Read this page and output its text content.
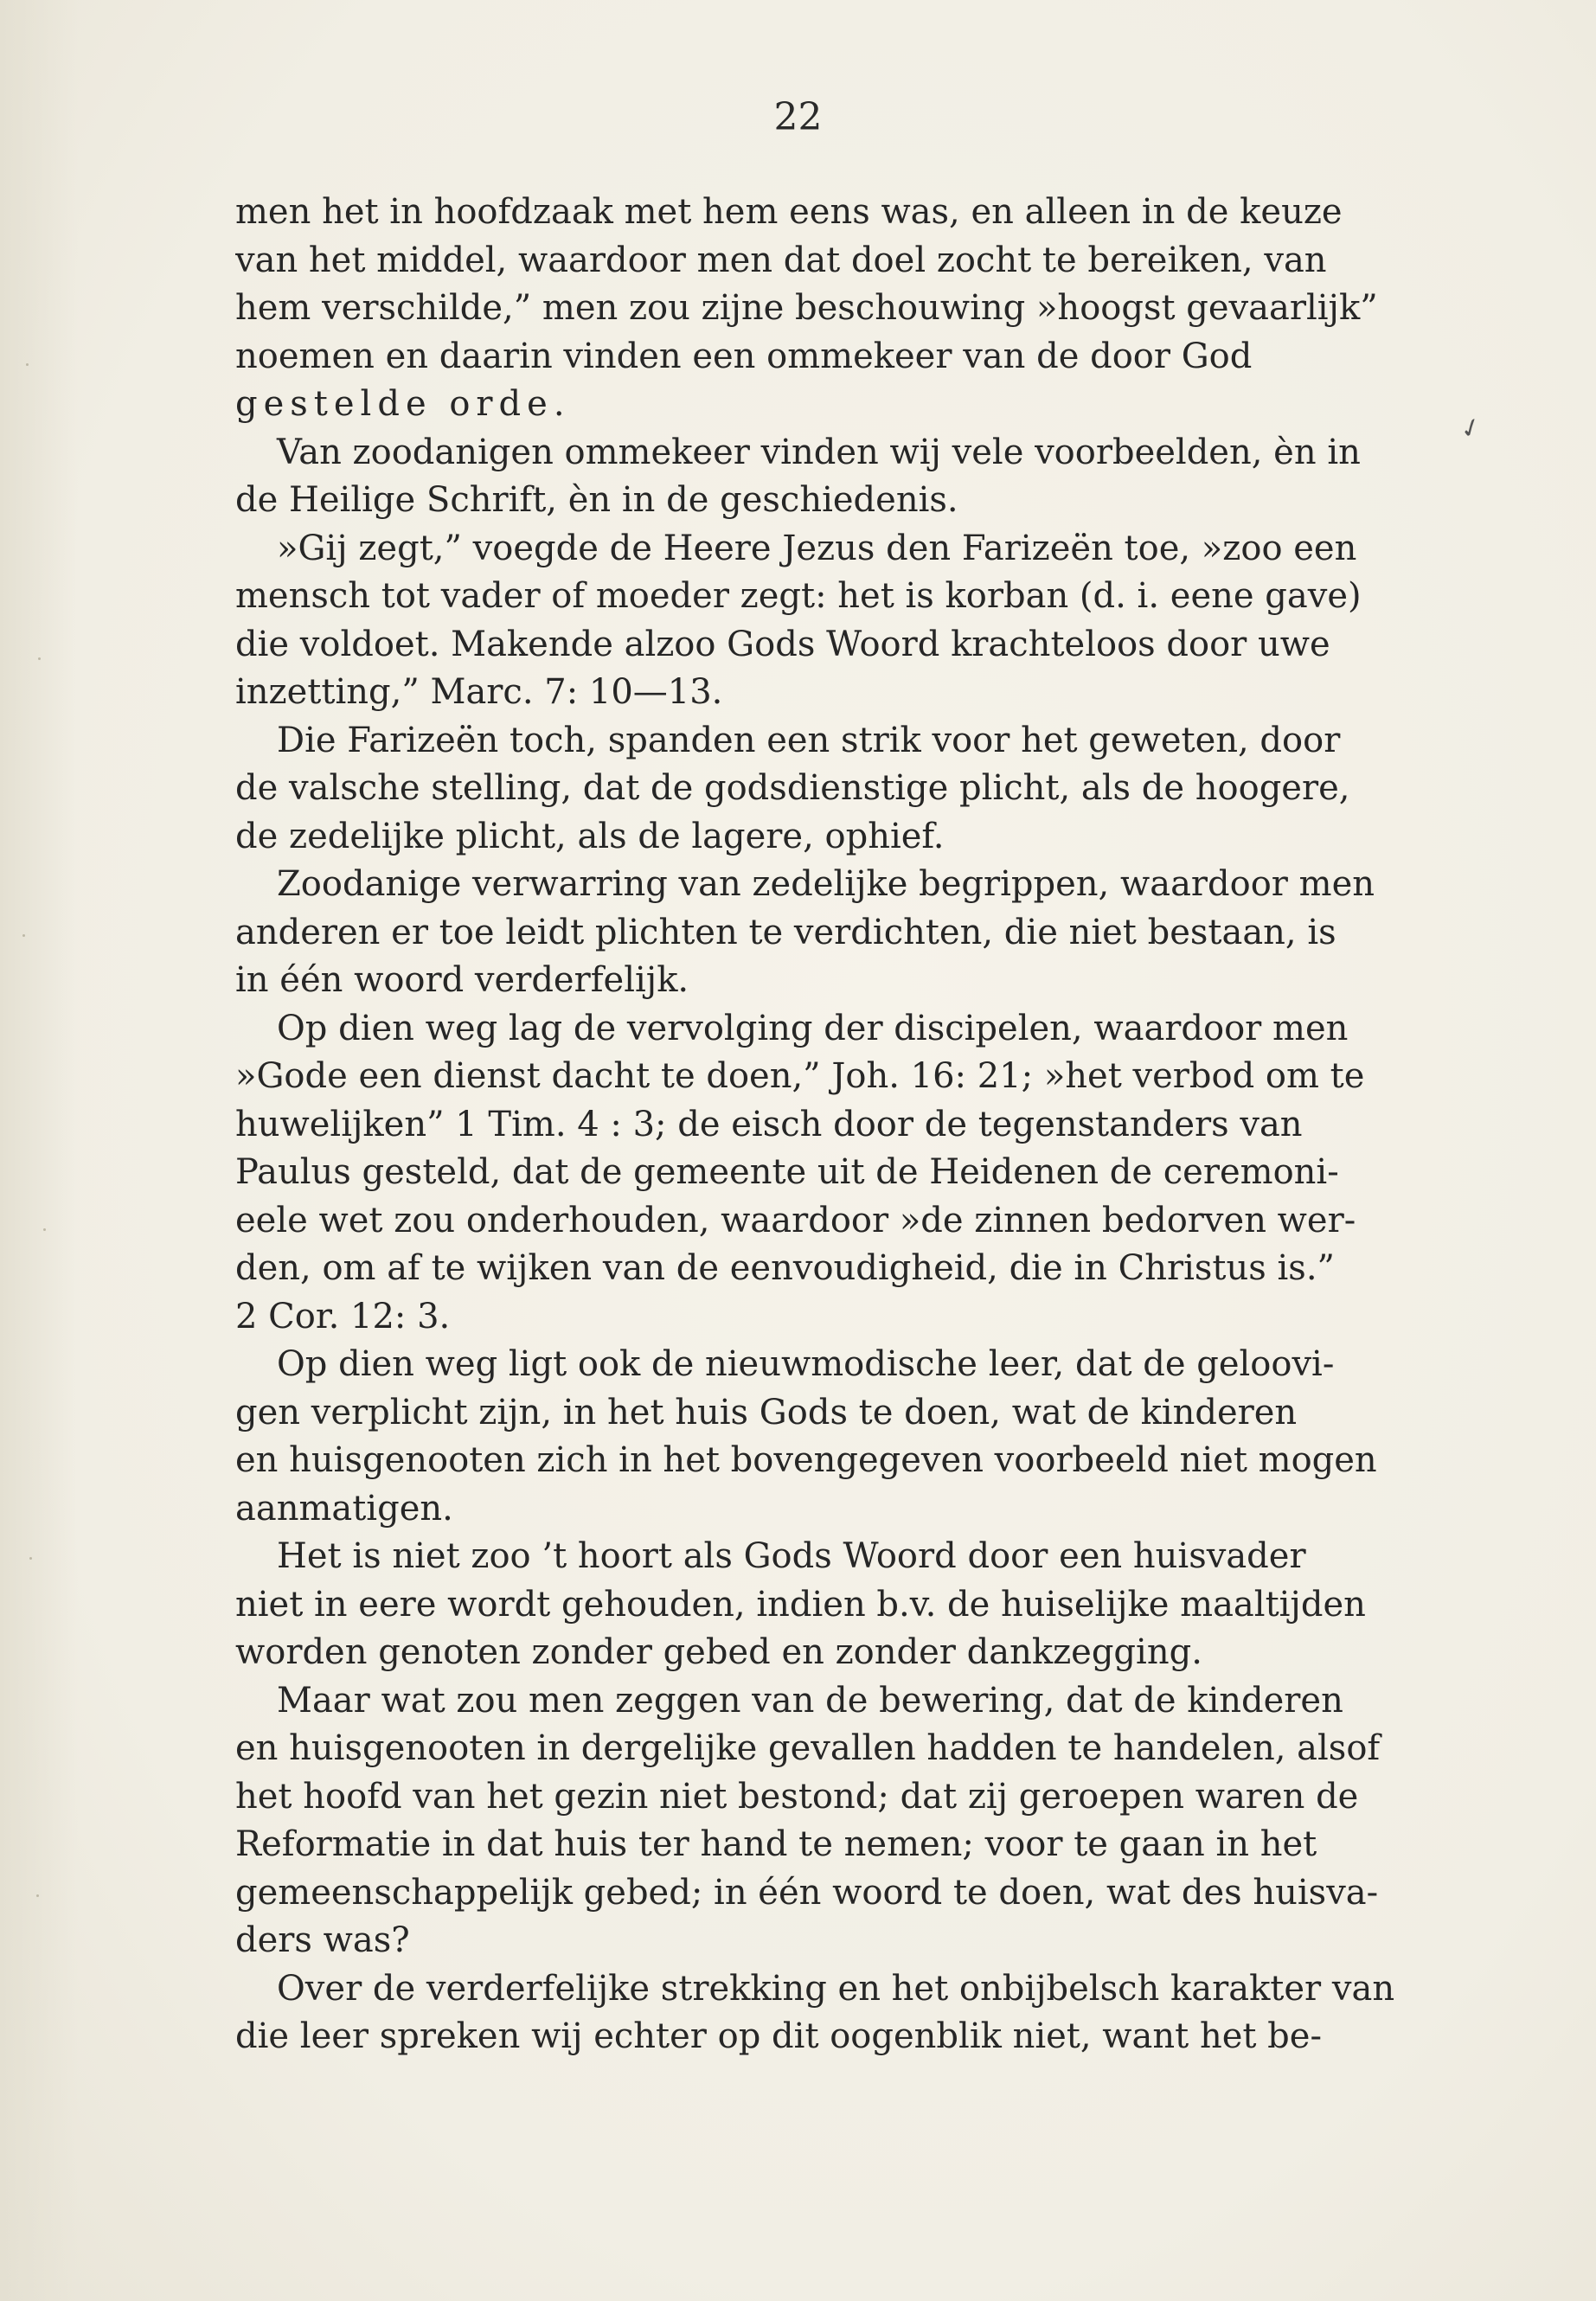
22
✓
men het in hoofdzaak met hem eens was, en alleen in de keuze
van het middel, waardoor men dat doel zocht te bereiken, van
hem verschilde,” men zou zijne beschouwing »hoogst gevaarlijk”
noemen en daarin vinden een ommekeer van de door God
gestelde orde.
Van zoodanigen ommekeer vinden wij vele voorbeelden, èn in
de Heilige Schrift, èn in de geschiedenis.
»Gij zegt,” voegde de Heere Jezus den Farizeën toe, »zoo een
mensch tot vader of moeder zegt: het is korban (d. i. eene gave)
die voldoet. Makende alzoo Gods Woord krachteloos door uwe
inzetting,” Marc. 7: 10—13.
Die Farizeën toch, spanden een strik voor het geweten, door
de valsche stelling, dat de godsdienstige plicht, als de hoogere,
de zedelijke plicht, als de lagere, ophief.
Zoodanige verwarring van zedelijke begrippen, waardoor men
anderen er toe leidt plichten te verdichten, die niet bestaan, is
in één woord verderfelijk.
Op dien weg lag de vervolging der discipelen, waardoor men
»Gode een dienst dacht te doen,” Joh. 16: 21; »het verbod om te
huwelijken” 1 Tim. 4 : 3; de eisch door de tegenstanders van
Paulus gesteld, dat de gemeente uit de Heidenen de ceremoni-
eele wet zou onderhouden, waardoor »de zinnen bedorven wer-
den, om af te wijken van de eenvoudigheid, die in Christus is.”
2 Cor. 12: 3.
Op dien weg ligt ook de nieuwmodische leer, dat de geloovi-
gen verplicht zijn, in het huis Gods te doen, wat de kinderen
en huisgenooten zich in het bovengegeven voorbeeld niet mogen
aanmatigen.
Het is niet zoo ’t hoort als Gods Woord door een huisvader
niet in eere wordt gehouden, indien b.v. de huiselijke maaltijden
worden genoten zonder gebed en zonder dankzegging.
Maar wat zou men zeggen van de bewering, dat de kinderen
en huisgenooten in dergelijke gevallen hadden te handelen, alsof
het hoofd van het gezin niet bestond; dat zij geroepen waren de
Reformatie in dat huis ter hand te nemen; voor te gaan in het
gemeenschappelijk gebed; in één woord te doen, wat des huisva-
ders was?
Over de verderfelijke strekking en het onbijbelsch karakter van
die leer spreken wij echter op dit oogenblik niet, want het be-
